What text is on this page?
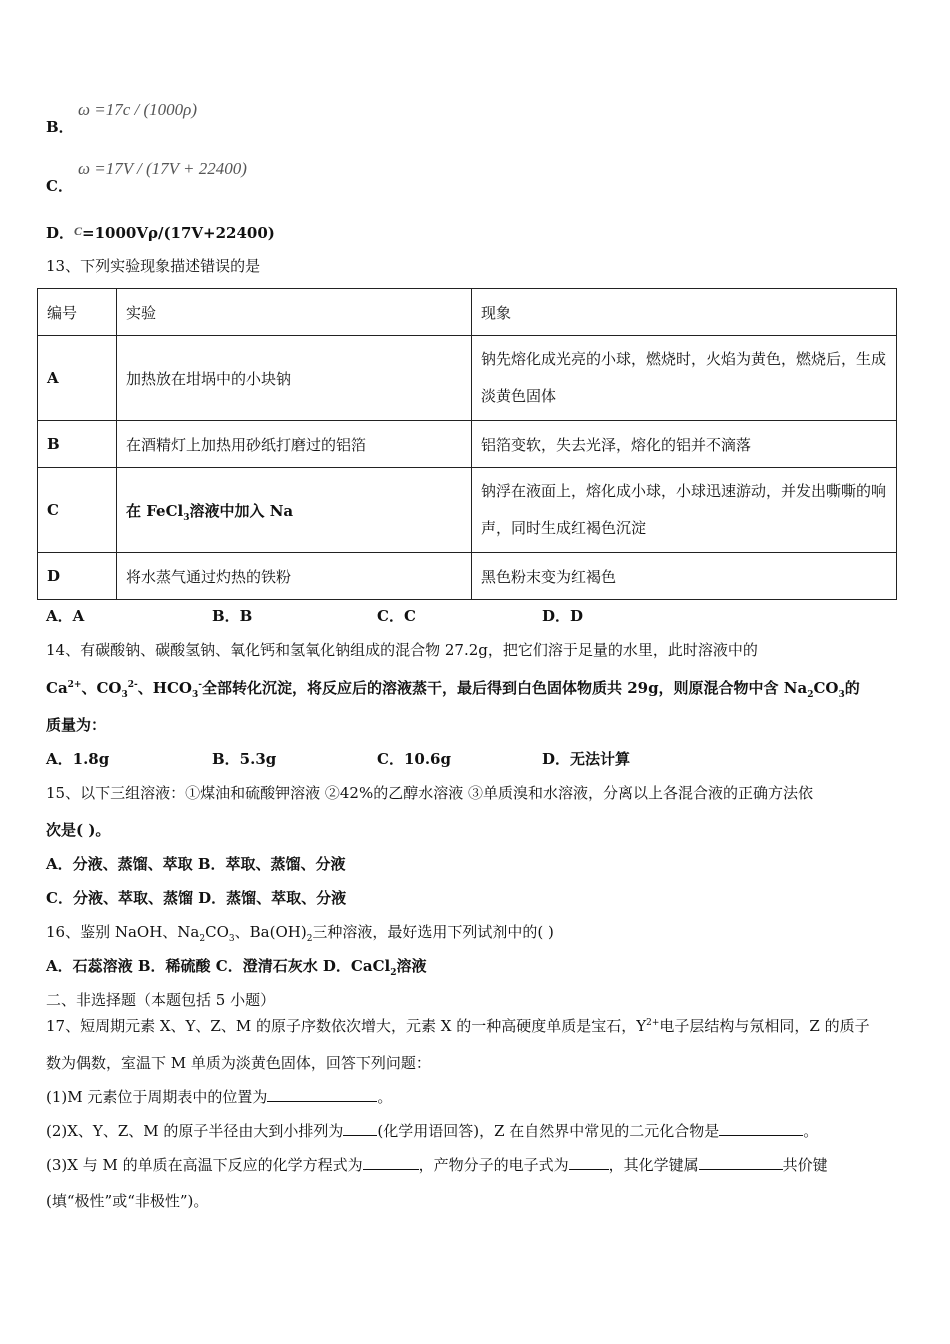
B．
ω =17c / (1000ρ)
C．
ω =17V / (17V + 22400)
D．$^C$=1000Vρ/(17V+22400)
13、下列实验现象描述错误的是
编号	实验	现象
A	加热放在坩埚中的小块钠	钠先熔化成光亮的小球，燃烧时，火焰为黄色，燃烧后，生成淡黄色固体
B	在酒精灯上加热用砂纸打磨过的铝箔	铝箔变软，失去光泽，熔化的铝并不滴落
C	在 FeCl$_3$溶液中加入 Na	钠浮在液面上，熔化成小球，小球迅速游动，并发出嘶嘶的响声，同时生成红褐色沉淀
D	将水蒸气通过灼热的铁粉	黑色粉末变为红褐色
A．A	B．B	C．C	D．D
14、有碳酸钠、碳酸氢钠、氧化钙和氢氧化钠组成的混合物 27.2g，把它们溶于足量的水里，此时溶液中的
$Ca^{2+}$、$CO_3^{2-}$、$HCO_3^-$全部转化沉淀，将反应后的溶液蒸干，最后得到白色固体物质共 29g，则原混合物中含 $Na_2CO_3$的
质量为：
A．1.8g	B．5.3g	C．10.6g	D．无法计算
15、以下三组溶液：①煤油和硫酸钾溶液 ②42%的乙醇水溶液 ③单质溴和水溶液，分离以上各混合液的正确方法依
次是( )。
A．分液、蒸馏、萃取 B．萃取、蒸馏、分液
C．分液、萃取、蒸馏 D．蒸馏、萃取、分液
16、鉴别 NaOH、$Na_2CO_3$、$Ba(OH)_2$三种溶液，最好选用下列试剂中的( )
A．石蕊溶液 B．稀硫酸 C．澄清石灰水 D．CaCl$_2$溶液
二、非选择题（本题包括 5 小题）
17、短周期元素 X、Y、Z、M 的原子序数依次增大，元素 X 的一种高硬度单质是宝石，$Y^{2+}$电子层结构与氖相同，Z 的质子
数为偶数，室温下 M 单质为淡黄色固体，回答下列问题：
(1)M 元素位于周期表中的位置为	。
(2)X、Y、Z、M 的原子半径由大到小排列为 (化学用语回答)，Z 在自然界中常见的二元化合物是	。
(3)X 与 M 的单质在高温下反应的化学方程式为	，产物分子的电子式为	，其化学键属	共价键
(填“极性”或“非极性”)。
